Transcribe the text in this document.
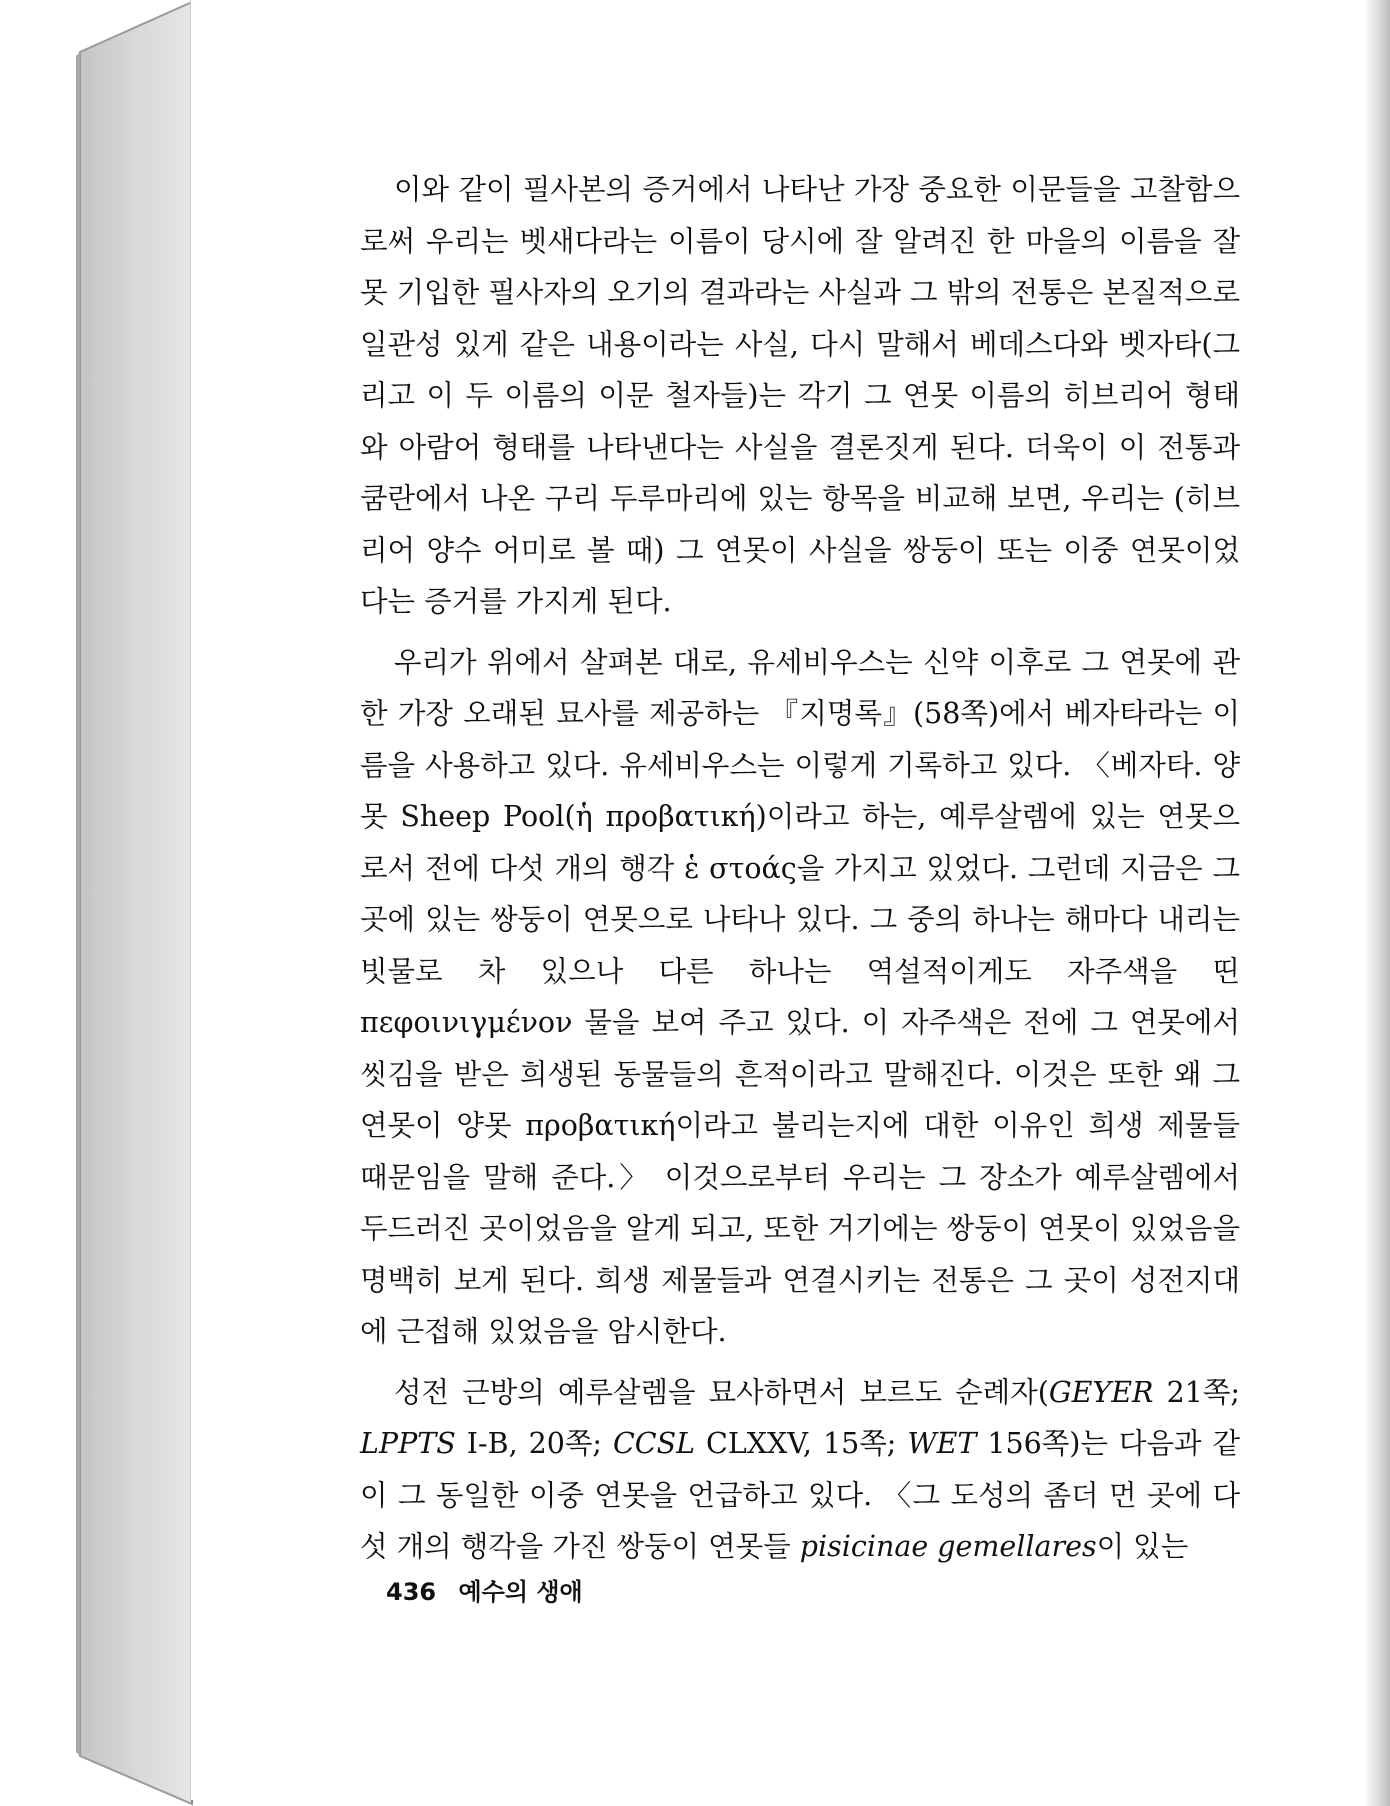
이와 같이 필사본의 증거에서 나타난 가장 중요한 이문들을 고찰함으로써 우리는 벳새다라는 이름이 당시에 잘 알려진 한 마을의 이름을 잘못 기입한 필사자의 오기의 결과라는 사실과 그 밖의 전통은 본질적으로 일관성 있게 같은 내용이라는 사실, 다시 말해서 베데스다와 벳자타(그리고 이 두 이름의 이문 철자들)는 각기 그 연못 이름의 히브리어 형태와 아람어 형태를 나타낸다는 사실을 결론짓게 된다. 더욱이 이 전통과 쿰란에서 나온 구리 두루마리에 있는 항목을 비교해 보면, 우리는 (히브리어 양수 어미로 볼 때) 그 연못이 사실을 쌍둥이 또는 이중 연못이었다는 증거를 가지게 된다.

우리가 위에서 살펴본 대로, 유세비우스는 신약 이후로 그 연못에 관한 가장 오래된 묘사를 제공하는 『지명록』(58쪽)에서 베자타라는 이름을 사용하고 있다. 유세비우스는 이렇게 기록하고 있다. 〈베자타. 양못 Sheep Pool(ἡ προβατική)이라고 하는, 예루살렘에 있는 연못으로서 전에 다섯 개의 행각 ἑ στοάς을 가지고 있었다. 그런데 지금은 그 곳에 있는 쌍둥이 연못으로 나타나 있다. 그 중의 하나는 해마다 내리는 빗물로 차 있으나 다른 하나는 역설적이게도 자주색을 띤 πεφοινιγμένον 물을 보여 주고 있다. 이 자주색은 전에 그 연못에서 씻김을 받은 희생된 동물들의 흔적이라고 말해진다. 이것은 또한 왜 그 연못이 양못 προβατική이라고 불리는지에 대한 이유인 희생 제물들 때문임을 말해 준다.〉 이것으로부터 우리는 그 장소가 예루살렘에서 두드러진 곳이었음을 알게 되고, 또한 거기에는 쌍둥이 연못이 있었음을 명백히 보게 된다. 희생 제물들과 연결시키는 전통은 그 곳이 성전지대에 근접해 있었음을 암시한다.

성전 근방의 예루살렘을 묘사하면서 보르도 순례자(GEYER 21쪽; LPPTS I-B, 20쪽; CCSL CLXXV, 15쪽; WET 156쪽)는 다음과 같이 그 동일한 이중 연못을 언급하고 있다. 〈그 도성의 좀더 먼 곳에 다섯 개의 행각을 가진 쌍둥이 연못들 pisicinae gemellares이 있는

436 예수의 생애
